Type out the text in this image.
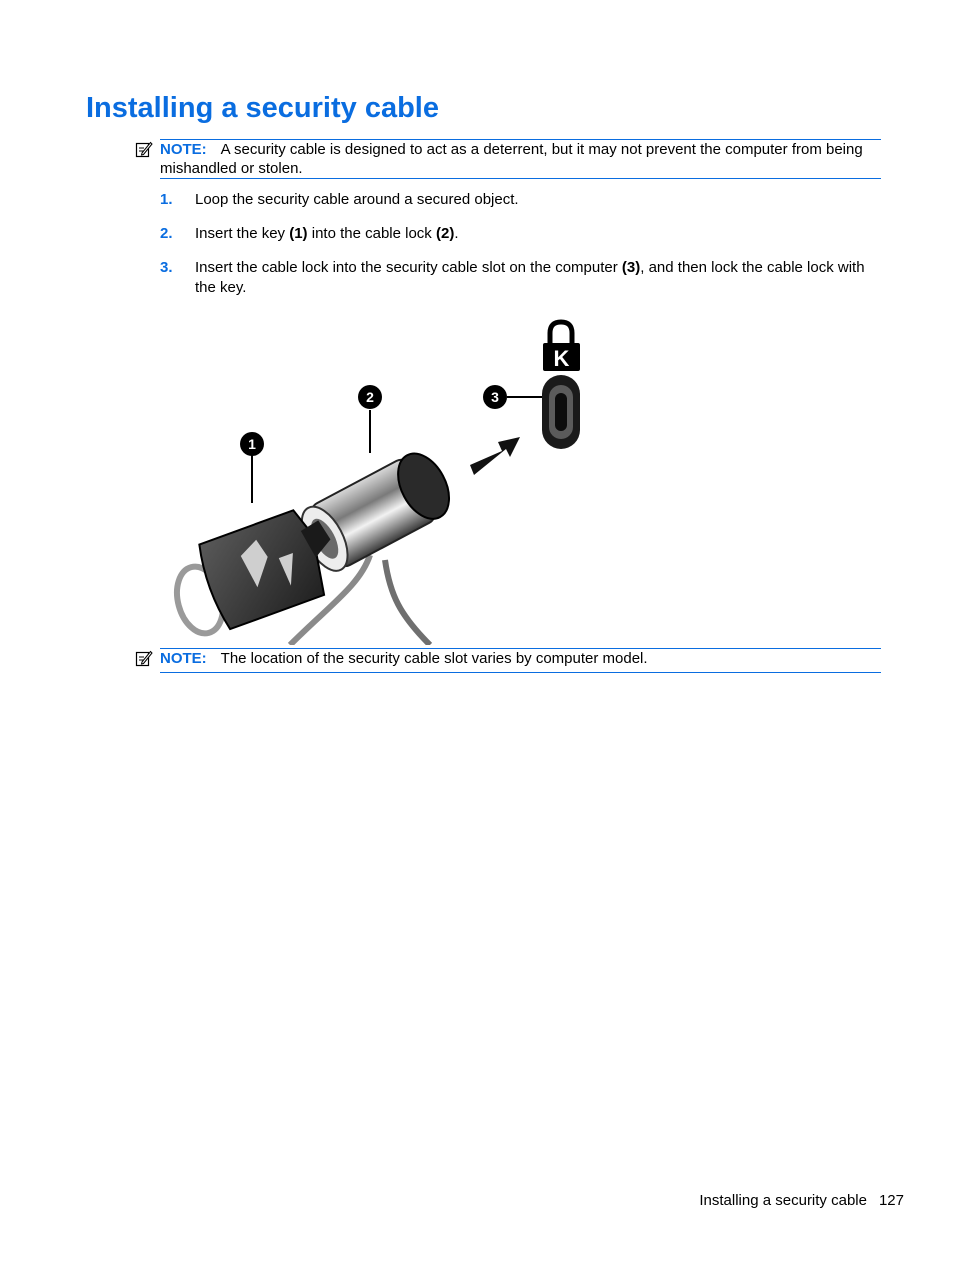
Installing a security cable
NOTE: A security cable is designed to act as a deterrent, but it may not prevent the computer from being mishandled or stolen.
1. Loop the security cable around a secured object.
2. Insert the key (1) into the cable lock (2).
3. Insert the cable lock into the security cable slot on the computer (3), and then lock the cable lock with the key.
1
2	3
K
NOTE: The location of the security cable slot varies by computer model.
Installing a security cable 127
